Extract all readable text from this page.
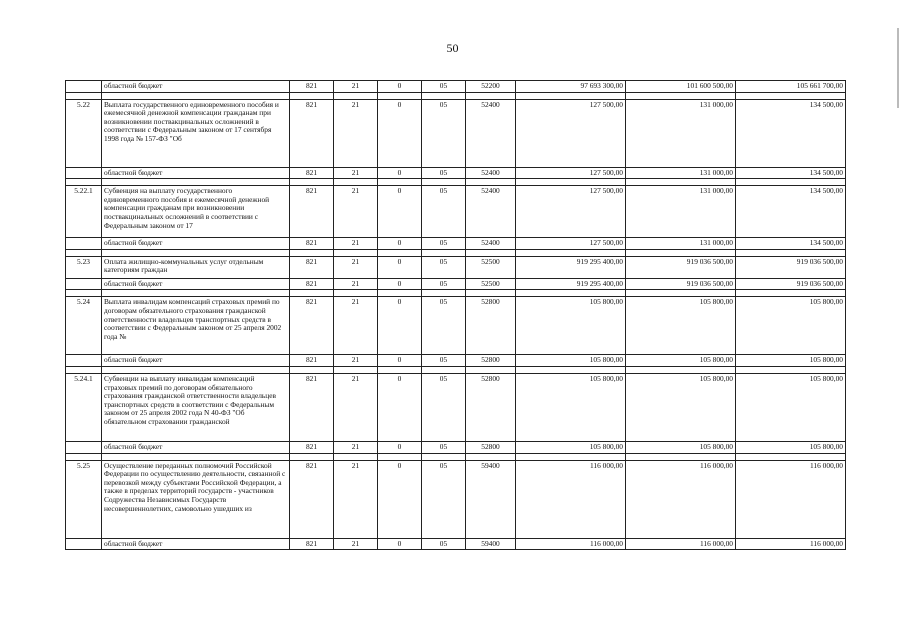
50
	областной бюджет	821	21	0	05	52200	97 693 300,00	101 600 500,00	105 661 700,00

5.22	Выплата государственного единовременного пособия и ежемесячной денежной компенсации гражданам при возникновении поствакцинальных осложнений в соответствии с Федеральным законом от 17 сентября 1998 года № 157-ФЗ "Об	821	21	0	05	52400	127 500,00	131 000,00	134 500,00
	областной бюджет	821	21	0	05	52400	127 500,00	131 000,00	134 500,00

5.22.1	Субвенция на выплату государственного единовременного пособия и ежемесячной денежной компенсации гражданам при возникновении поствакцинальных осложнений в соответствии с Федеральным законом от 17	821	21	0	05	52400	127 500,00	131 000,00	134 500,00
	областной бюджет	821	21	0	05	52400	127 500,00	131 000,00	134 500,00

5.23	Оплата жилищно-коммунальных услуг отдельным категориям граждан	821	21	0	05	52500	919 295 400,00	919 036 500,00	919 036 500,00
	областной бюджет	821	21	0	05	52500	919 295 400,00	919 036 500,00	919 036 500,00

5.24	Выплата инвалидам компенсаций страховых премий по договорам обязательного страхования гражданской ответственности владельцев транспортных средств в соответствии с Федеральным законом от 25 апреля 2002 года №	821	21	0	05	52800	105 800,00	105 800,00	105 800,00
	областной бюджет	821	21	0	05	52800	105 800,00	105 800,00	105 800,00

5.24.1	Субвенции на выплату инвалидам компенсаций страховых премий по договорам обязательного страхования гражданской ответственности владельцев транспортных средств в соответствии с Федеральным законом от 25 апреля 2002 года N 40-ФЗ "Об обязательном страховании гражданской	821	21	0	05	52800	105 800,00	105 800,00	105 800,00
	областной бюджет	821	21	0	05	52800	105 800,00	105 800,00	105 800,00

5.25	Осуществление переданных полномочий Российской Федерации по осуществлению деятельности, связанной с перевозкой между субъектами Российской Федерации, а также в пределах территорий государств - участников Содружества Независимых Государств несовершеннолетних, самовольно ушедших из	821	21	0	05	59400	116 000,00	116 000,00	116 000,00
	областной бюджет	821	21	0	05	59400	116 000,00	116 000,00	116 000,00
